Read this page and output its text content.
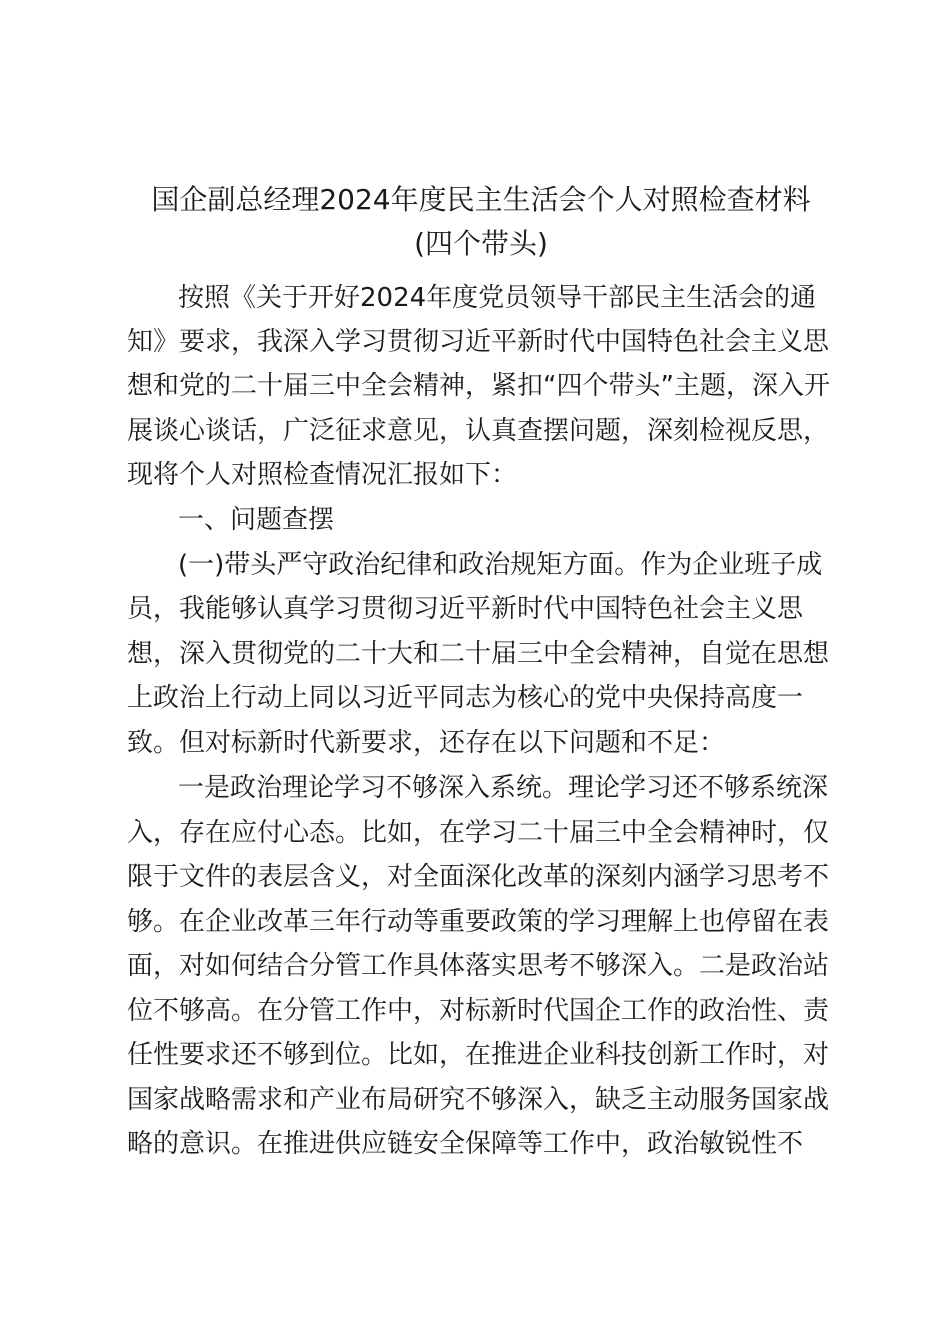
国企副总经理2024年度民主生活会个人对照检查材料
(四个带头)

按照《关于开好2024年度党员领导干部民主生活会的通

知》要求，我深入学习贯彻习近平新时代中国特色社会主义思

想和党的二十届三中全会精神，紧扣“四个带头”主题，深入开

展谈心谈话，广泛征求意见，认真查摆问题，深刻检视反思，

现将个人对照检查情况汇报如下：

一、问题查摆

(一)带头严守政治纪律和政治规矩方面。作为企业班子成

员，我能够认真学习贯彻习近平新时代中国特色社会主义思

想，深入贯彻党的二十大和二十届三中全会精神，自觉在思想

上政治上行动上同以习近平同志为核心的党中央保持高度一

致。但对标新时代新要求，还存在以下问题和不足：

一是政治理论学习不够深入系统。理论学习还不够系统深

入，存在应付心态。比如，在学习二十届三中全会精神时，仅

限于文件的表层含义，对全面深化改革的深刻内涵学习思考不

够。在企业改革三年行动等重要政策的学习理解上也停留在表

面，对如何结合分管工作具体落实思考不够深入。二是政治站

位不够高。在分管工作中，对标新时代国企工作的政治性、责

任性要求还不够到位。比如，在推进企业科技创新工作时，对

国家战略需求和产业布局研究不够深入，缺乏主动服务国家战

略的意识。在推进供应链安全保障等工作中，政治敏锐性不
